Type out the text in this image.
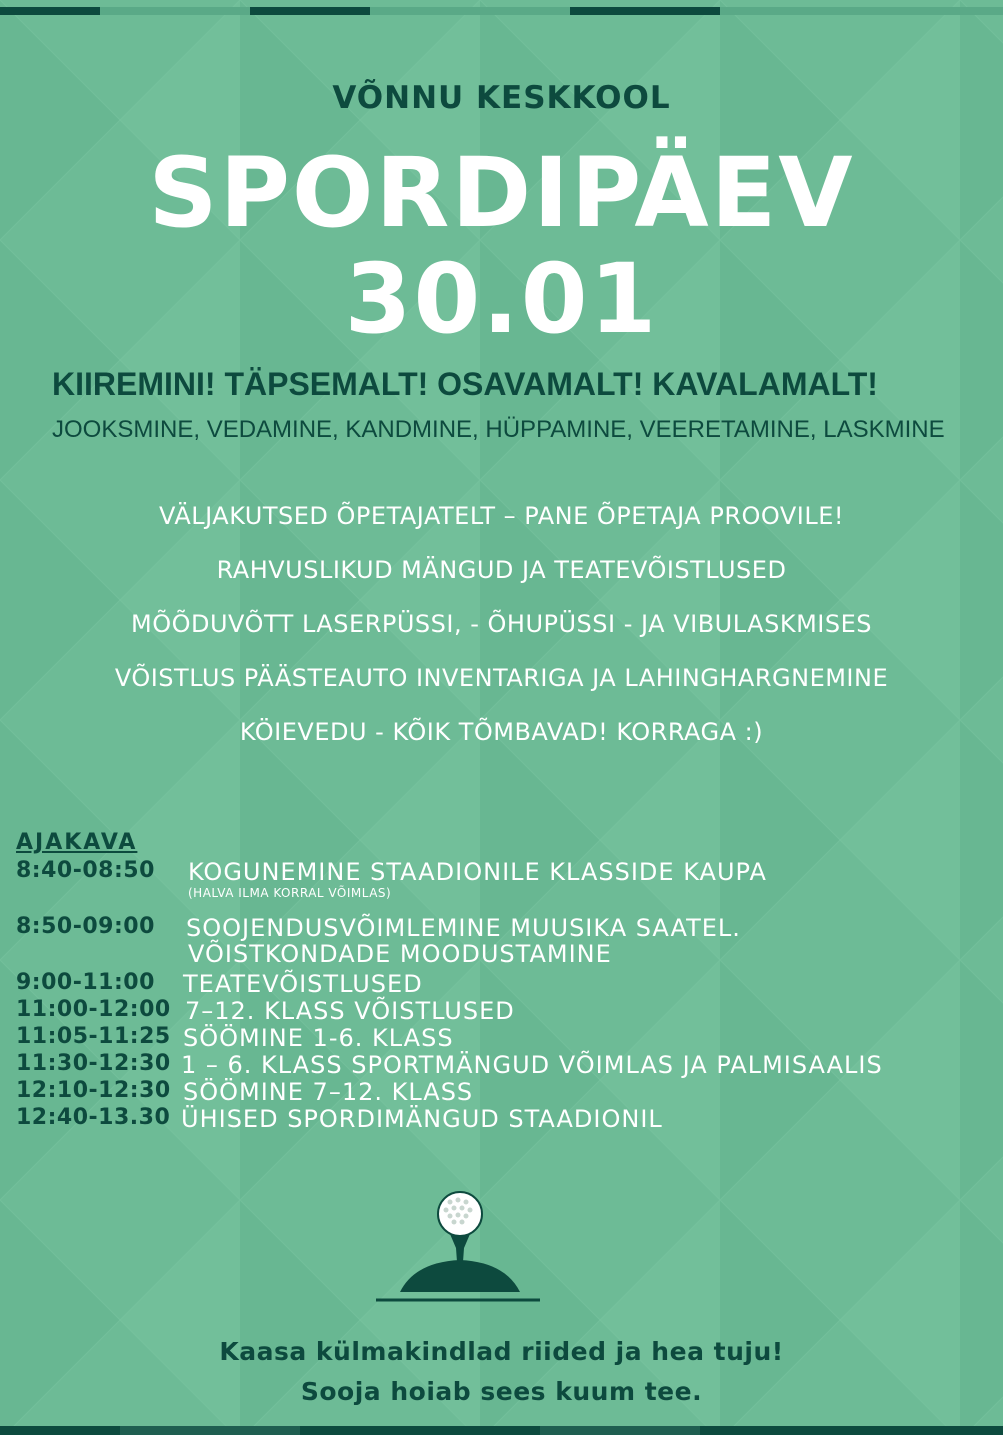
VÕNNU KESKKOOL
SPORDIPÄEV
30.01
KIIREMINI! TÄPSEMALT! OSAVAMALT! KAVALAMALT!
JOOKSMINE, VEDAMINE, KANDMINE, HÜPPAMINE, VEERETAMINE, LASKMINE
VÄLJAKUTSED ÕPETAJATELT – PANE ÕPETAJA PROOVILE!
RAHVUSLIKUD MÄNGUD JA TEATEVÕISTLUSED
MÕÕDUVÕTT LASERPÜSSI, - ÕHUPÜSSI - JA VIBULASKMISES
VÕISTLUS PÄÄSTEAUTO INVENTARIGA JA LAHINGHARGNEMINE
KÖIEVEDU - KÕIK TÕMBAVAD! KORRAGA :)
AJAKAVA
8:40-08:50 KOGUNEMINE STAADIONILE KLASSIDE KAUPA
(HALVA ILMA KORRAL VÕIMLAS)
8:50-09:00 SOOJENDUSVÕIMLEMINE MUUSIKA SAATEL.
VÕISTKONDADE MOODUSTAMINE
9:00-11:00 TEATEVÕISTLUSED
11:00-12:00 7–12. KLASS VÕISTLUSED
11:05-11:25 SÖÖMINE 1-6. KLASS
11:30-12:30 1 – 6. KLASS SPORTMÄNGUD VÕIMLAS JA PALMISAALIS
12:10-12:30 SÖÖMINE 7–12. KLASS
12:40-13.30 ÜHISED SPORDIMÄNGUD STAADIONIL
Kaasa külmakindlad riided ja hea tuju!
Sooja hoiab sees kuum tee.
